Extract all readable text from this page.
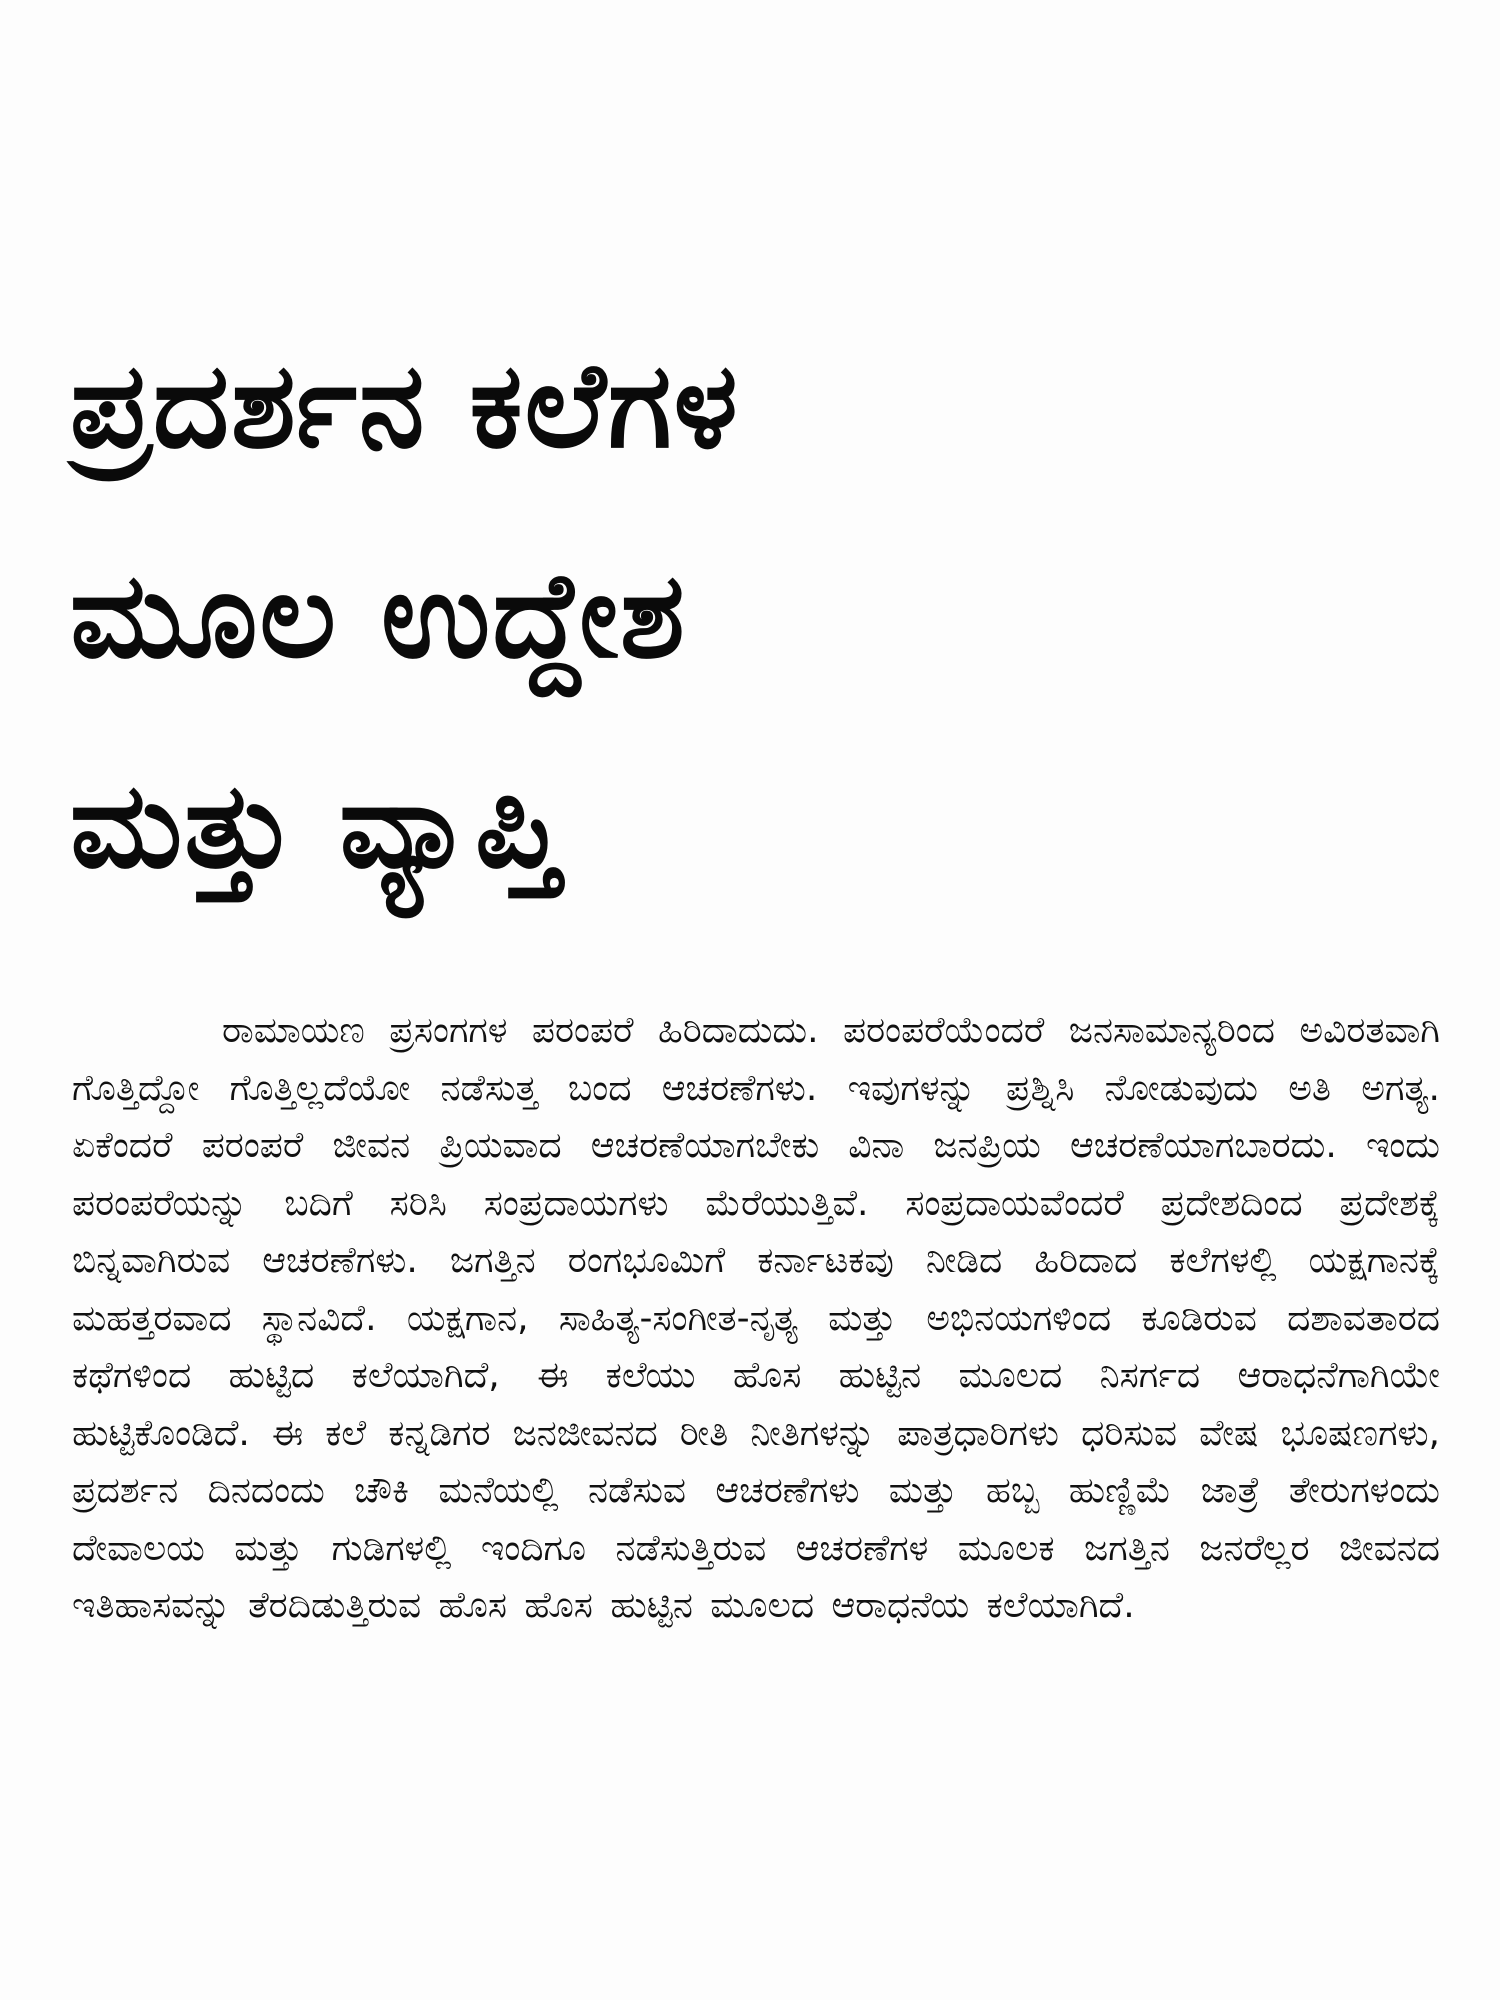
ಪ್ರದರ್ಶನ ಕಲೆಗಳ
ಮೂಲ ಉದ್ದೇಶ
ಮತ್ತು ವ್ಯಾಪ್ತಿ

ರಾಮಾಯಣ ಪ್ರಸಂಗಗಳ ಪರಂಪರೆ ಹಿರಿದಾದುದು. ಪರಂಪರೆಯೆಂದರೆ ಜನಸಾಮಾನ್ಯರಿಂದ ಅವಿರತವಾಗಿ ಗೊತ್ತಿದ್ದೋ ಗೊತ್ತಿಲ್ಲದೆಯೋ ನಡೆಸುತ್ತ ಬಂದ ಆಚರಣೆಗಳು. ಇವುಗಳನ್ನು ಪ್ರಶ್ನಿಸಿ ನೋಡುವುದು ಅತಿ ಅಗತ್ಯ. ಏಕೆಂದರೆ ಪರಂಪರೆ ಜೀವನ ಪ್ರಿಯವಾದ ಆಚರಣೆಯಾಗಬೇಕು ವಿನಾ ಜನಪ್ರಿಯ ಆಚರಣೆಯಾಗಬಾರದು. ಇಂದು ಪರಂಪರೆಯನ್ನು ಬದಿಗೆ ಸರಿಸಿ ಸಂಪ್ರದಾಯಗಳು ಮೆರೆಯುತ್ತಿವೆ. ಸಂಪ್ರದಾಯವೆಂದರೆ ಪ್ರದೇಶದಿಂದ ಪ್ರದೇಶಕ್ಕೆ ಬಿನ್ನವಾಗಿರುವ ಆಚರಣೆಗಳು. ಜಗತ್ತಿನ ರಂಗಭೂಮಿಗೆ ಕರ್ನಾಟಕವು ನೀಡಿದ ಹಿರಿದಾದ ಕಲೆಗಳಲ್ಲಿ ಯಕ್ಷಗಾನಕ್ಕೆ ಮಹತ್ತರವಾದ ಸ್ಥಾನವಿದೆ. ಯಕ್ಷಗಾನ, ಸಾಹಿತ್ಯ-ಸಂಗೀತ-ನೃತ್ಯ ಮತ್ತು ಅಭಿನಯಗಳಿಂದ ಕೂಡಿರುವ ದಶಾವತಾರದ ಕಥೆಗಳಿಂದ ಹುಟ್ಟಿದ ಕಲೆಯಾಗಿದೆ, ಈ ಕಲೆಯು ಹೊಸ ಹುಟ್ಟಿನ ಮೂಲದ ನಿಸರ್ಗದ ಆರಾಧನೆಗಾಗಿಯೇ ಹುಟ್ಟಿಕೊಂಡಿದೆ. ಈ ಕಲೆ ಕನ್ನಡಿಗರ ಜನಜೀವನದ ರೀತಿ ನೀತಿಗಳನ್ನು ಪಾತ್ರಧಾರಿಗಳು ಧರಿಸುವ ವೇಷ ಭೂಷಣಗಳು, ಪ್ರದರ್ಶನ ದಿನದಂದು ಚೌಕಿ ಮನೆಯಲ್ಲಿ ನಡೆಸುವ ಆಚರಣೆಗಳು ಮತ್ತು ಹಬ್ಬ ಹುಣ್ಣಿಮೆ ಜಾತ್ರೆ ತೇರುಗಳಂದು ದೇವಾಲಯ ಮತ್ತು ಗುಡಿಗಳಲ್ಲಿ ಇಂದಿಗೂ ನಡೆಸುತ್ತಿರುವ ಆಚರಣೆಗಳ ಮೂಲಕ ಜಗತ್ತಿನ ಜನರೆಲ್ಲರ ಜೀವನದ ಇತಿಹಾಸವನ್ನು ತೆರದಿಡುತ್ತಿರುವ ಹೊಸ ಹೊಸ ಹುಟ್ಟಿನ ಮೂಲದ ಆರಾಧನೆಯ ಕಲೆಯಾಗಿದೆ.
